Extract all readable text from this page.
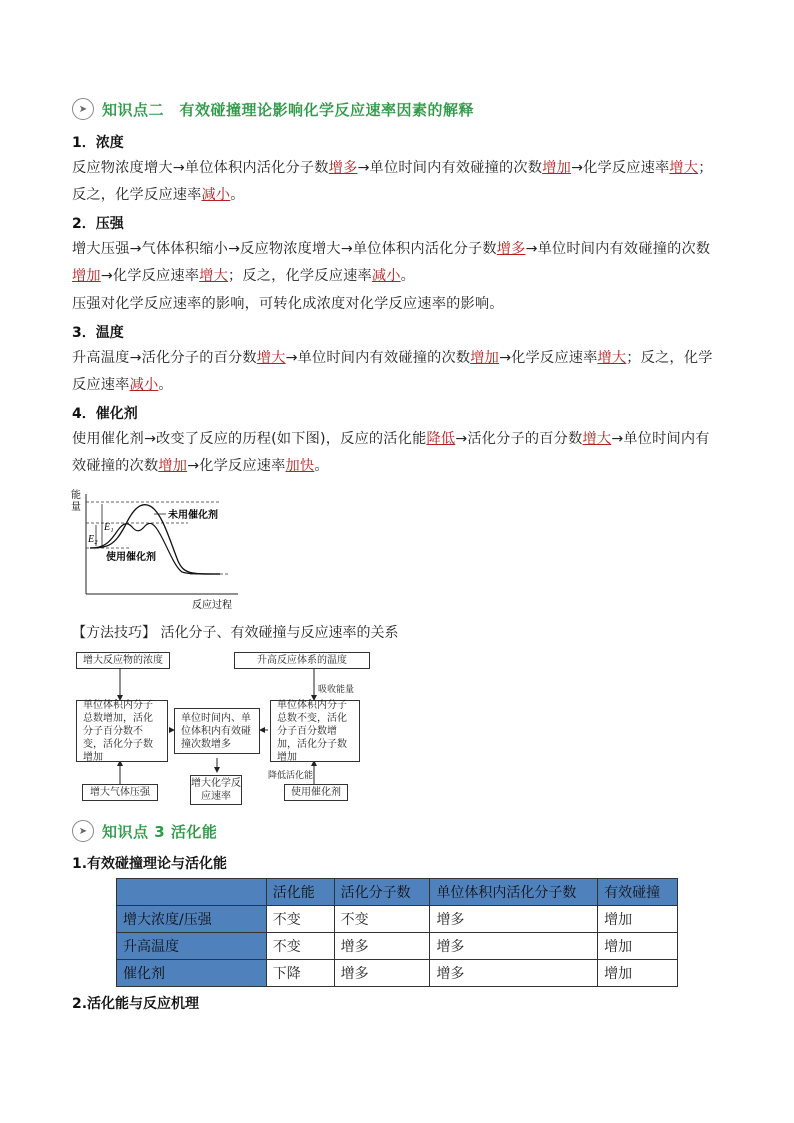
➤ 知识点二　有效碰撞理论影响化学反应速率因素的解释
1．浓度
反应物浓度增大→单位体积内活化分子数增多→单位时间内有效碰撞的次数增加→化学反应速率增大；反之，化学反应速率减小。
2．压强
增大压强→气体体积缩小→反应物浓度增大→单位体积内活化分子数增多→单位时间内有效碰撞的次数增加→化学反应速率增大；反之，化学反应速率减小。
压强对化学反应速率的影响，可转化成浓度对化学反应速率的影响。
3．温度
升高温度→活化分子的百分数增大→单位时间内有效碰撞的次数增加→化学反应速率增大；反之，化学反应速率减小。
4．催化剂
使用催化剂→改变了反应的历程(如下图)，反应的活化能降低→活化分子的百分数增大→单位时间内有效碰撞的次数增加→化学反应速率加快。
能
量
E₁
E₂
未用催化剂
使用催化剂
反应过程
【方法技巧】 活化分子、有效碰撞与反应速率的关系
增大反应物的浓度	升高反应体系的温度
吸收能量
单位体积内分子总数增加，活化分子百分数不变，活化分子数增加
单位时间内、单位体积内有效碰撞次数增多
单位体积内分子总数不变，活化分子百分数增加，活化分子数增加
降低活化能
增大气体压强
增大化学反应速率	使用催化剂
➤ 知识点 3 活化能
1.有效碰撞理论与活化能
	活化能	活化分子数	单位体积内活化分子数	有效碰撞
增大浓度/压强	不变	不变	增多	增加
升高温度	不变	增多	增多	增加
催化剂	下降	增多	增多	增加
2.活化能与反应机理
